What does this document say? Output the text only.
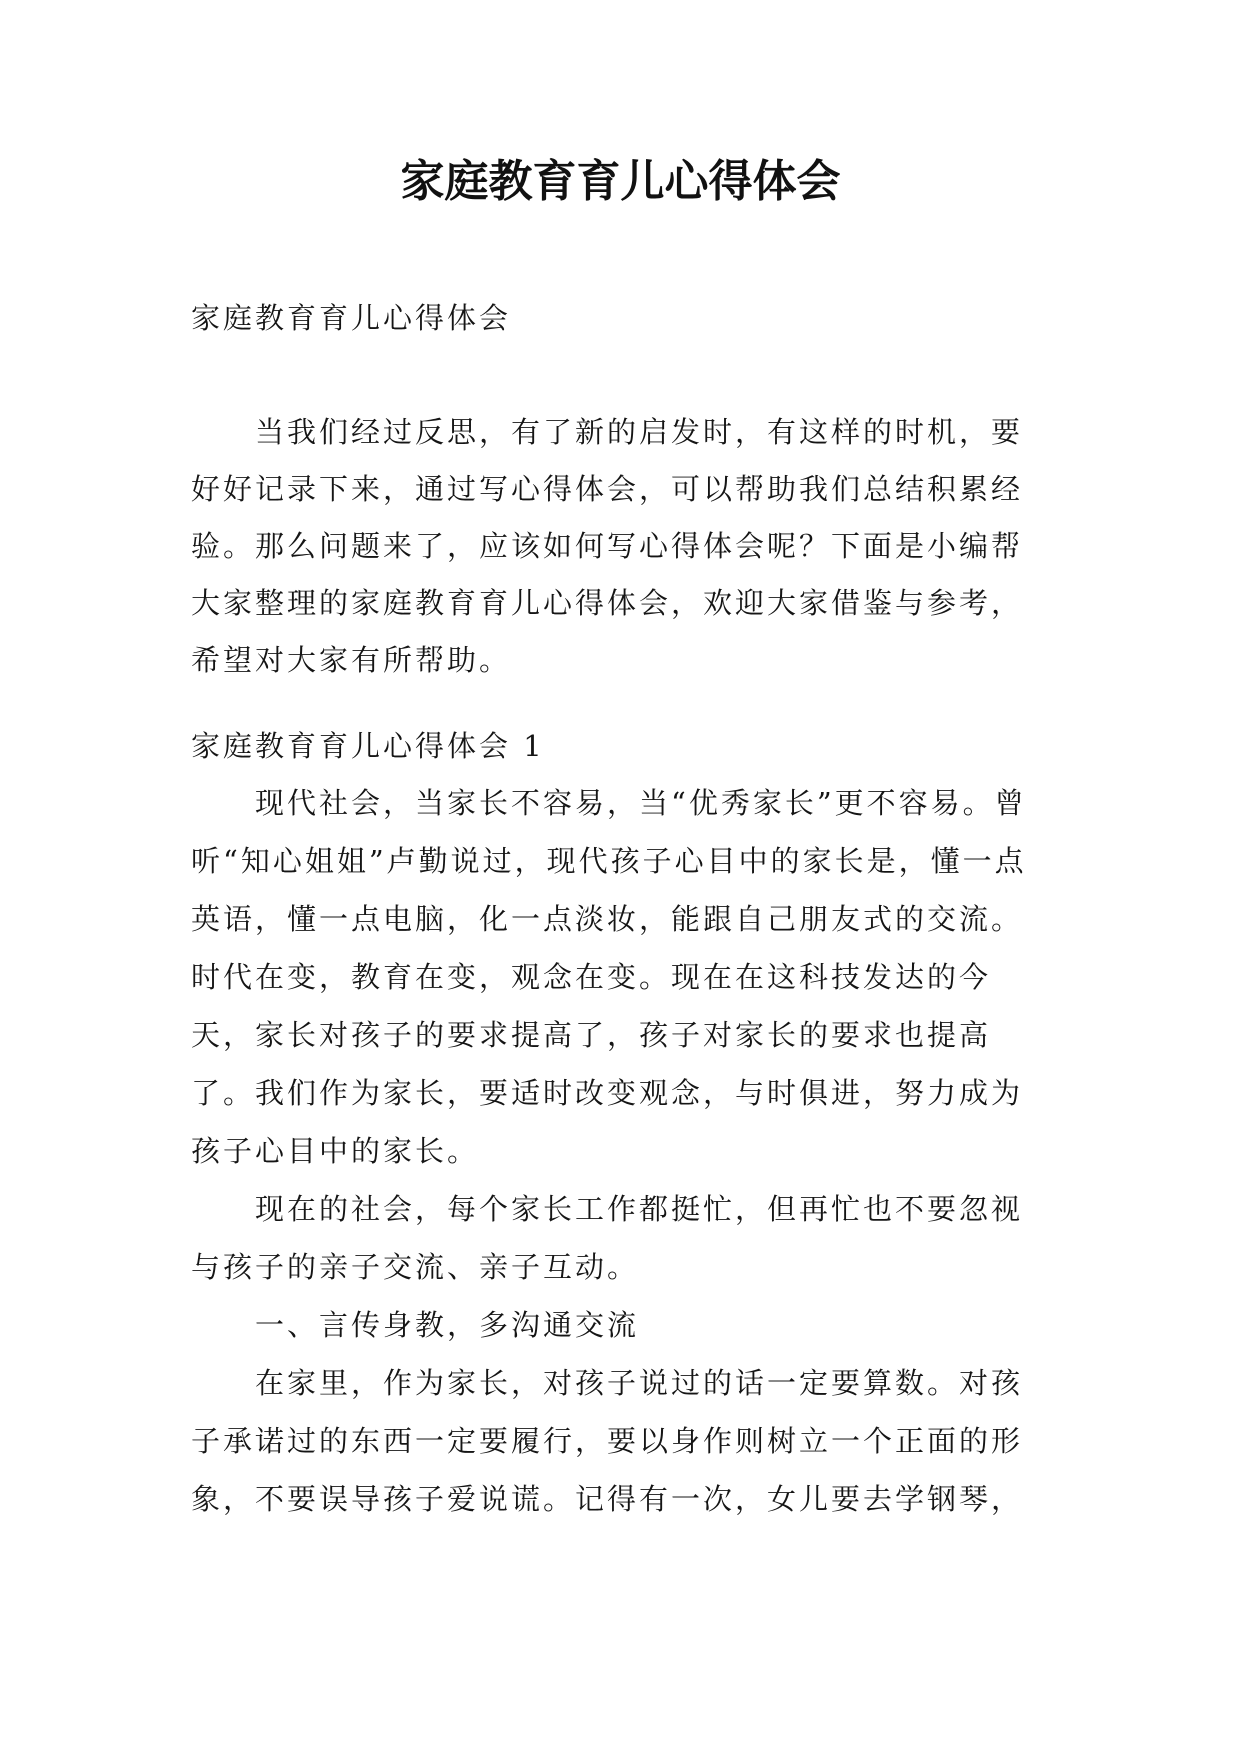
家庭教育育儿心得体会
家庭教育育儿心得体会

当我们经过反思，有了新的启发时，有这样的时机，要好好记录下来，通过写心得体会，可以帮助我们总结积累经验。那么问题来了，应该如何写心得体会呢？下面是小编帮大家整理的家庭教育育儿心得体会，欢迎大家借鉴与参考，希望对大家有所帮助。

家庭教育育儿心得体会 1

现代社会，当家长不容易，当“优秀家长”更不容易。曾听“知心姐姐”卢勤说过，现代孩子心目中的家长是，懂一点英语，懂一点电脑，化一点淡妆，能跟自己朋友式的交流。时代在变，教育在变，观念在变。现在在这科技发达的今天，家长对孩子的要求提高了，孩子对家长的要求也提高了。我们作为家长，要适时改变观念，与时俱进，努力成为孩子心目中的家长。

现在的社会，每个家长工作都挺忙，但再忙也不要忽视与孩子的亲子交流、亲子互动。

一、言传身教，多沟通交流

在家里，作为家长，对孩子说过的话一定要算数。对孩子承诺过的东西一定要履行，要以身作则树立一个正面的形象，不要误导孩子爱说谎。记得有一次，女儿要去学钢琴，
